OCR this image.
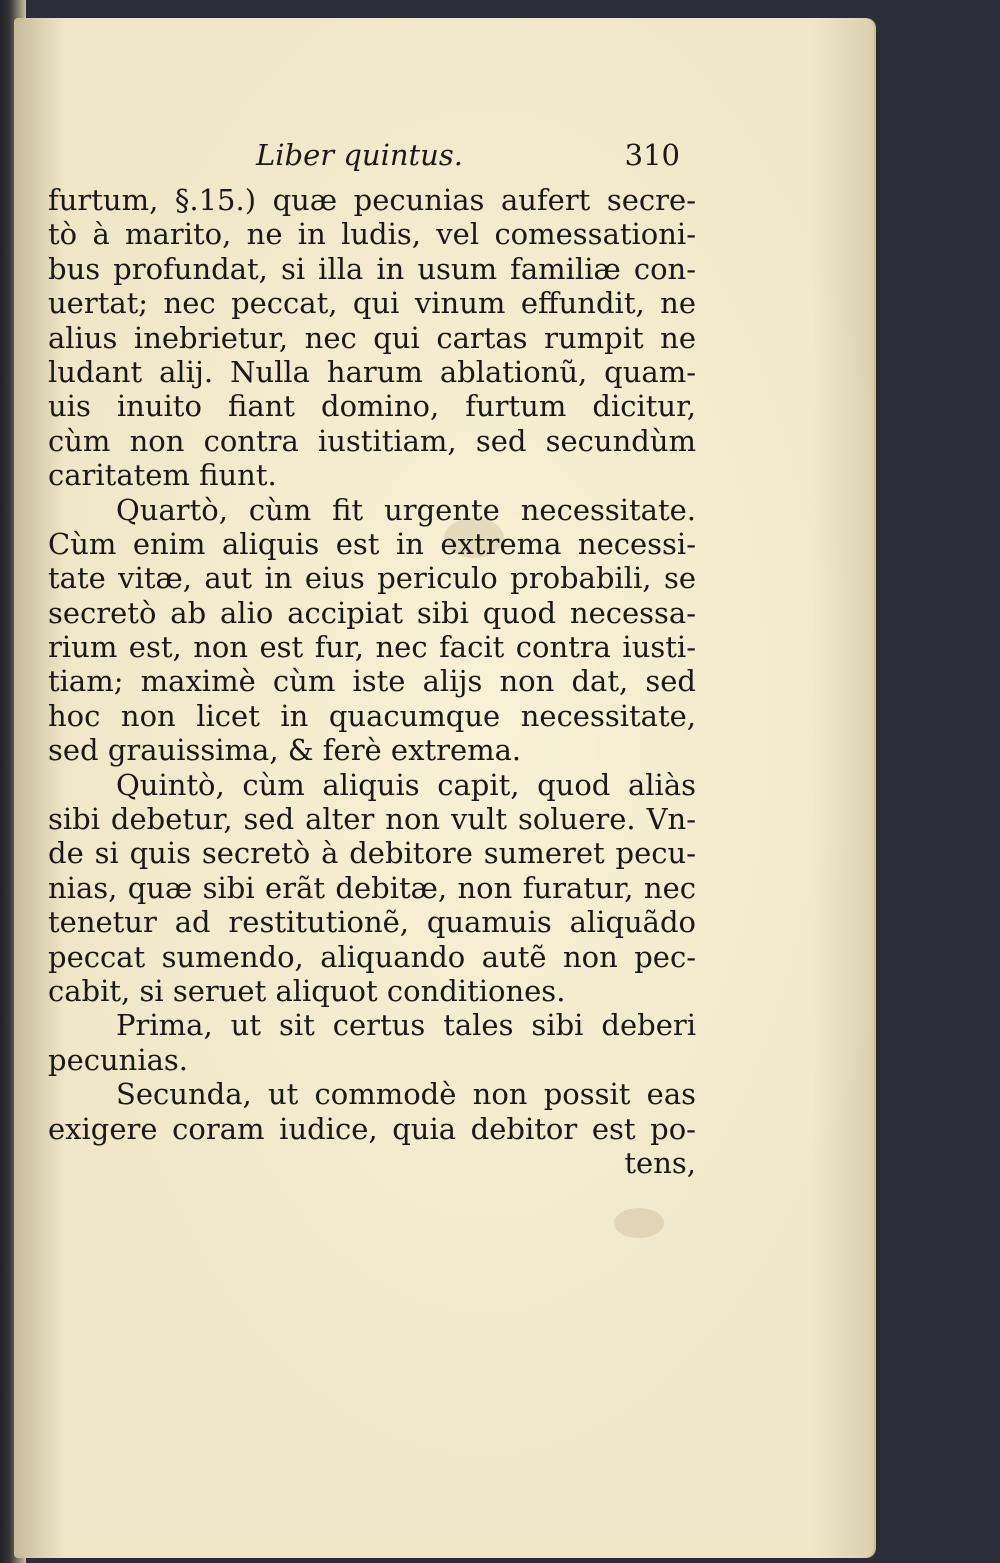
Liber quintus.	310
furtum, §.15.) quæ pecunias aufert secre-
tò à marito, ne in ludis, vel comessationi-
bus profundat, si illa in usum familiæ con-
uertat; nec peccat, qui vinum effundit, ne
alius inebrietur, nec qui cartas rumpit ne
ludant alij. Nulla harum ablationũ, quam-
uis inuito fiant domino, furtum dicitur,
cùm non contra iustitiam, sed secundùm
caritatem fiunt.
Quartò, cùm fit urgente necessitate.
Cùm enim aliquis est in extrema necessi-
tate vitæ, aut in eius periculo probabili, se
secretò ab alio accipiat sibi quod necessa-
rium est, non est fur, nec facit contra iusti-
tiam; maximè cùm iste alijs non dat, sed
hoc non licet in quacumque necessitate,
sed grauissima, & ferè extrema.
Quintò, cùm aliquis capit, quod aliàs
sibi debetur, sed alter non vult soluere. Vn-
de si quis secretò à debitore sumeret pecu-
nias, quæ sibi erãt debitæ, non furatur, nec
tenetur ad restitutionẽ, quamuis aliquãdo
peccat sumendo, aliquando autẽ non pec-
cabit, si seruet aliquot conditiones.
Prima, ut sit certus tales sibi deberi
pecunias.
Secunda, ut commodè non possit eas
exigere coram iudice, quia debitor est po-
tens,
